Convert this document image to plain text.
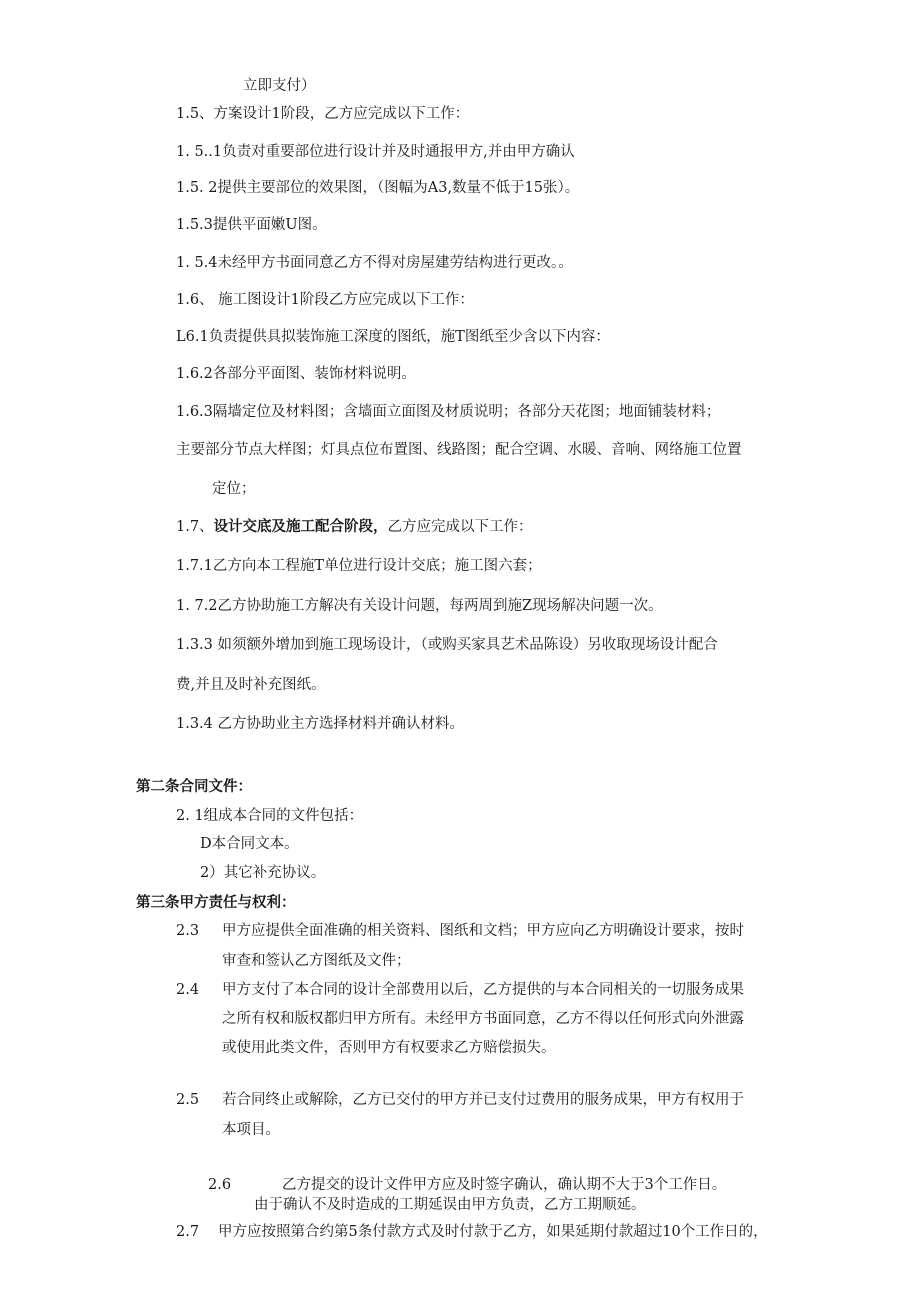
立即支付）
1.5、方案设计1阶段，乙方应完成以下工作：
1. 5..1负责对重要部位进行设计并及时通报甲方,并由甲方确认
1.5. 2提供主要部位的效果图，（图幅为A3,数量不低于15张）。
1.5.3提供平面嫩U图。
1. 5.4未经甲方书面同意乙方不得对房屋建劳结构进行更改。。
1.6、 施工图设计1阶段乙方应完成以下工作：
L6.1负责提供具拟装饰施工深度的图纸，施T图纸至少含以下内容：
1.6.2各部分平面图、装饰材料说明。
1.6.3隔墙定位及材料图；含墙面立面图及材质说明；各部分天花图；地面铺装材料；
主要部分节点大样图；灯具点位布置图、线路图；配合空调、水暖、音响、网络施工位置
定位；
1.7、设计交底及施工配合阶段，乙方应完成以下工作：
1.7.1乙方向本工程施T单位进行设计交底；施工图六套；
1. 7.2乙方协助施工方解决有关设计问题，每两周到施Z现场解决问题一次。
1.3.3 如须额外增加到施工现场设计，（或购买家具艺术品陈设）另收取现场设计配合
费,并且及时补充图纸。
1.3.4 乙方协助业主方选择材料并确认材料。
第二条合同文件：
2. 1组成本合同的文件包括：
D本合同文本。
2）其它补充协议。
第三条甲方责任与权利：
2.3 甲方应提供全面准确的相关资料、图纸和文档；甲方应向乙方明确设计要求，按时
审查和签认乙方图纸及文件；
2.4 甲方支付了本合同的设计全部费用以后，乙方提供的与本合同相关的一切服务成果
之所有权和版权都归甲方所有。未经甲方书面同意，乙方不得以任何形式向外泄露
或使用此类文件，否则甲方有权要求乙方赔偿损失。
2.5 若合同终止或解除，乙方已交付的甲方并已支付过费用的服务成果，甲方有权用于
本项目。
2.6	乙方提交的设计文件甲方应及时签字确认，确认期不大于3个工作日。
由于确认不及时造成的工期延误由甲方负责，乙方工期顺延。
2.7 甲方应按照第合约第5条付款方式及时付款于乙方，如果延期付款超过10个工作日的，
